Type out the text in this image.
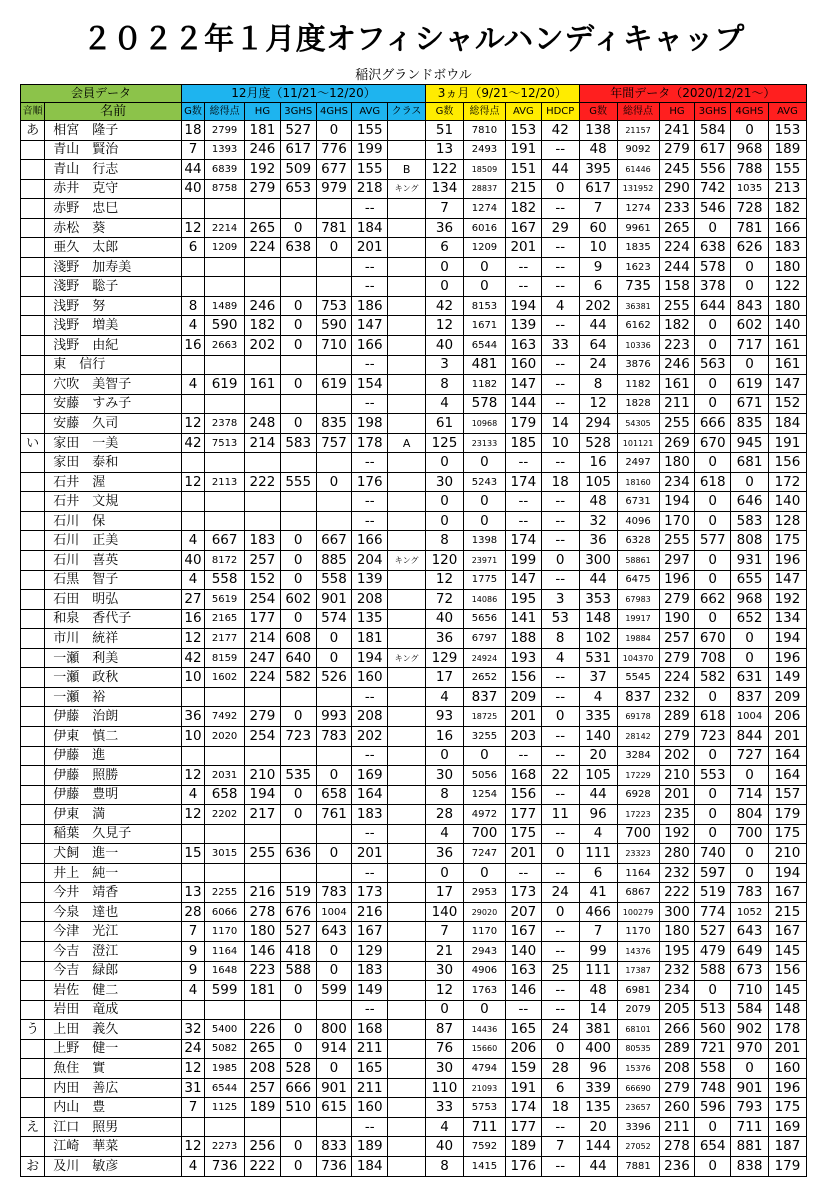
２０２２年１月度オフィシャルハンディキャップ
稲沢グランドボウル
会員データ		12月度（11/21〜12/20）							3ヵ月（9/21〜12/20）				年間データ（2020/12/21〜）					
音順	名前	G数	総得点	HG	3GHS	4GHS	AVG	クラス	G数	総得点	AVG	HDCP	G数	総得点	HG	3GHS	4GHS	AVG
あ	相宮　隆子	18	2799	181	527	0	155		51	7810	153	42	138	21157	241	584	0	153
	青山　賢治	7	1393	246	617	776	199		13	2493	191	--	48	9092	279	617	968	189
	青山　行志	44	6839	192	509	677	155	B	122	18509	151	44	395	61446	245	556	788	155
	赤井　克守	40	8758	279	653	979	218	キング	134	28837	215	0	617	131952	290	742	1035	213
	赤野　忠巳						--		7	1274	182	--	7	1274	233	546	728	182
	赤松　葵	12	2214	265	0	781	184		36	6016	167	29	60	9961	265	0	781	166
	亜久　太郎	6	1209	224	638	0	201		6	1209	201	--	10	1835	224	638	626	183
	淺野　加寿美						--		0	0	--	--	9	1623	244	578	0	180
	淺野　聡子						--		0	0	--	--	6	735	158	378	0	122
	浅野　努	8	1489	246	0	753	186		42	8153	194	4	202	36381	255	644	843	180
	浅野　増美	4	590	182	0	590	147		12	1671	139	--	44	6162	182	0	602	140
	浅野　由紀	16	2663	202	0	710	166		40	6544	163	33	64	10336	223	0	717	161
	東　信行						--		3	481	160	--	24	3876	246	563	0	161
	穴吹　美智子	4	619	161	0	619	154		8	1182	147	--	8	1182	161	0	619	147
	安藤　すみ子						--		4	578	144	--	12	1828	211	0	671	152
	安藤　久司	12	2378	248	0	835	198		61	10968	179	14	294	54305	255	666	835	184
い	家田　一美	42	7513	214	583	757	178	A	125	23133	185	10	528	101121	269	670	945	191
	家田　泰和						--		0	0	--	--	16	2497	180	0	681	156
	石井　渥	12	2113	222	555	0	176		30	5243	174	18	105	18160	234	618	0	172
	石井　文規						--		0	0	--	--	48	6731	194	0	646	140
	石川　保						--		0	0	--	--	32	4096	170	0	583	128
	石川　正美	4	667	183	0	667	166		8	1398	174	--	36	6328	255	577	808	175
	石川　喜英	40	8172	257	0	885	204	キング	120	23971	199	0	300	58861	297	0	931	196
	石黒　智子	4	558	152	0	558	139		12	1775	147	--	44	6475	196	0	655	147
	石田　明弘	27	5619	254	602	901	208		72	14086	195	3	353	67983	279	662	968	192
	和泉　香代子	16	2165	177	0	574	135		40	5656	141	53	148	19917	190	0	652	134
	市川　統祥	12	2177	214	608	0	181		36	6797	188	8	102	19884	257	670	0	194
	一瀬　利美	42	8159	247	640	0	194	キング	129	24924	193	4	531	104370	279	708	0	196
	一瀬　政秋	10	1602	224	582	526	160		17	2652	156	--	37	5545	224	582	631	149
	一瀬　裕						--		4	837	209	--	4	837	232	0	837	209
	伊藤　治朗	36	7492	279	0	993	208		93	18725	201	0	335	69178	289	618	1004	206
	伊東　慎二	10	2020	254	723	783	202		16	3255	203	--	140	28142	279	723	844	201
	伊藤　進						--		0	0	--	--	20	3284	202	0	727	164
	伊藤　照勝	12	2031	210	535	0	169		30	5056	168	22	105	17229	210	553	0	164
	伊藤　豊明	4	658	194	0	658	164		8	1254	156	--	44	6928	201	0	714	157
	伊東　満	12	2202	217	0	761	183		28	4972	177	11	96	17223	235	0	804	179
	稲葉　久見子						--		4	700	175	--	4	700	192	0	700	175
	犬飼　進一	15	3015	255	636	0	201		36	7247	201	0	111	23323	280	740	0	210
	井上　純一						--		0	0	--	--	6	1164	232	597	0	194
	今井　靖香	13	2255	216	519	783	173		17	2953	173	24	41	6867	222	519	783	167
	今泉　達也	28	6066	278	676	1004	216		140	29020	207	0	466	100279	300	774	1052	215
	今津　光江	7	1170	180	527	643	167		7	1170	167	--	7	1170	180	527	643	167
	今吉　澄江	9	1164	146	418	0	129		21	2943	140	--	99	14376	195	479	649	145
	今吉　緑郎	9	1648	223	588	0	183		30	4906	163	25	111	17387	232	588	673	156
	岩佐　健二	4	599	181	0	599	149		12	1763	146	--	48	6981	234	0	710	145
	岩田　竜成						--		0	0	--	--	14	2079	205	513	584	148
う	上田　義久	32	5400	226	0	800	168		87	14436	165	24	381	68101	266	560	902	178
	上野　健一	24	5082	265	0	914	211		76	15660	206	0	400	80535	289	721	970	201
	魚住　實	12	1985	208	528	0	165		30	4794	159	28	96	15376	208	558	0	160
	内田　善広	31	6544	257	666	901	211		110	21093	191	6	339	66690	279	748	901	196
	内山　豊	7	1125	189	510	615	160		33	5753	174	18	135	23657	260	596	793	175
え	江口　照男						--		4	711	177	--	20	3396	211	0	711	169
	江崎　華菜	12	2273	256	0	833	189		40	7592	189	7	144	27052	278	654	881	187
お	及川　敏彦	4	736	222	0	736	184		8	1415	176	--	44	7881	236	0	838	179
